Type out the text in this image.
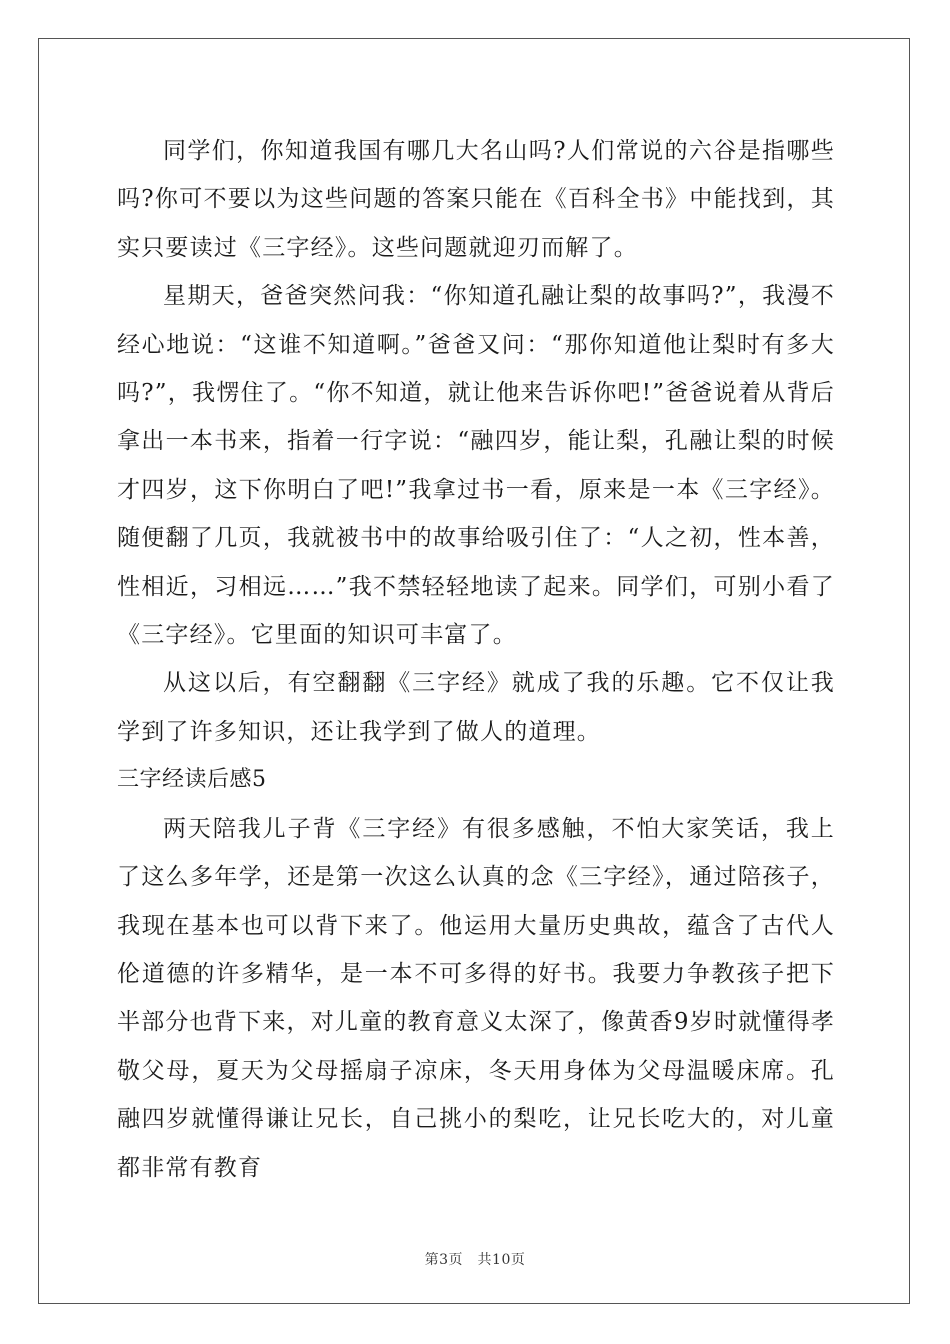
同学们，你知道我国有哪几大名山吗?人们常说的六谷是指哪些吗?你可不要以为这些问题的答案只能在《百科全书》中能找到，其实只要读过《三字经》。这些问题就迎刃而解了。

星期天，爸爸突然问我：“你知道孔融让梨的故事吗?”，我漫不经心地说：“这谁不知道啊。”爸爸又问：“那你知道他让梨时有多大吗?”，我愣住了。“你不知道，就让他来告诉你吧!”爸爸说着从背后拿出一本书来，指着一行字说：“融四岁，能让梨，孔融让梨的时候才四岁，这下你明白了吧!”我拿过书一看，原来是一本《三字经》。随便翻了几页，我就被书中的故事给吸引住了：“人之初，性本善，性相近，习相远……”我不禁轻轻地读了起来。同学们，可别小看了《三字经》。它里面的知识可丰富了。

从这以后，有空翻翻《三字经》就成了我的乐趣。它不仅让我学到了许多知识，还让我学到了做人的道理。

三字经读后感5

两天陪我儿子背《三字经》有很多感触，不怕大家笑话，我上了这么多年学，还是第一次这么认真的念《三字经》，通过陪孩子，我现在基本也可以背下来了。他运用大量历史典故，蕴含了古代人伦道德的许多精华，是一本不可多得的好书。我要力争教孩子把下半部分也背下来，对儿童的教育意义太深了，像黄香9岁时就懂得孝敬父母，夏天为父母摇扇子凉床，冬天用身体为父母温暖床席。孔融四岁就懂得谦让兄长，自己挑小的梨吃，让兄长吃大的，对儿童都非常有教育

第3页　共10页
